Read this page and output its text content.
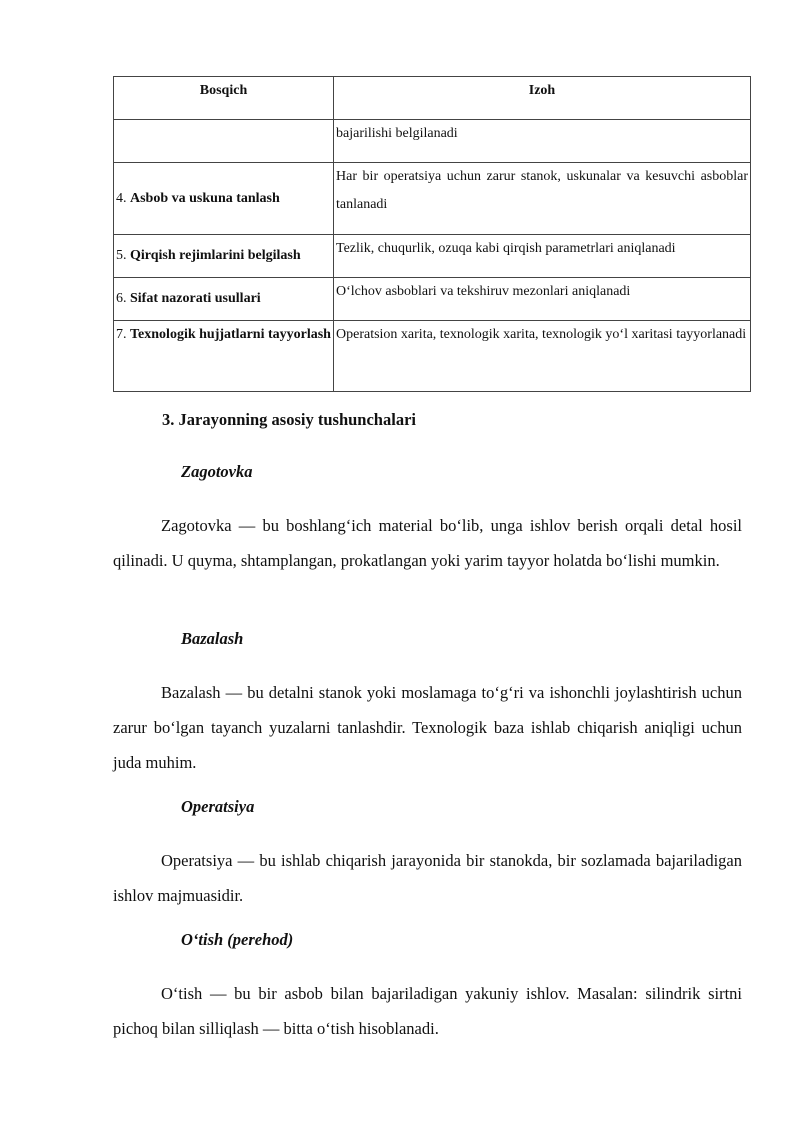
Bosqich	Izoh
	bajarilishi belgilanadi
4. Asbob va uskuna tanlash	Har bir operatsiya uchun zarur stanok, uskunalar va kesuvchi asboblar tanlanadi
5. Qirqish rejimlarini belgilash	Tezlik, chuqurlik, ozuqa kabi qirqish parametrlari aniqlanadi
6. Sifat nazorati usullari	O‘lchov asboblari va tekshiruv mezonlari aniqlanadi
7. Texnologik hujjatlarni tayyorlash	Operatsion xarita, texnologik xarita, texnologik yo‘l xaritasi tayyorlanadi
3. Jarayonning asosiy tushunchalari

Zagotovka

Zagotovka — bu boshlang‘ich material bo‘lib, unga ishlov berish orqali detal hosil qilinadi. U quyma, shtamplangan, prokatlangan yoki yarim tayyor holatda bo‘lishi mumkin.

Bazalash

Bazalash — bu detalni stanok yoki moslamaga to‘g‘ri va ishonchli joylashtirish uchun zarur bo‘lgan tayanch yuzalarni tanlashdir. Texnologik baza ishlab chiqarish aniqligi uchun juda muhim.

Operatsiya

Operatsiya — bu ishlab chiqarish jarayonida bir stanokda, bir sozlamada bajariladigan ishlov majmuasidir.

O‘tish (perehod)

O‘tish — bu bir asbob bilan bajariladigan yakuniy ishlov. Masalan: silindrik sirtni pichoq bilan silliqlash — bitta o‘tish hisoblanadi.
